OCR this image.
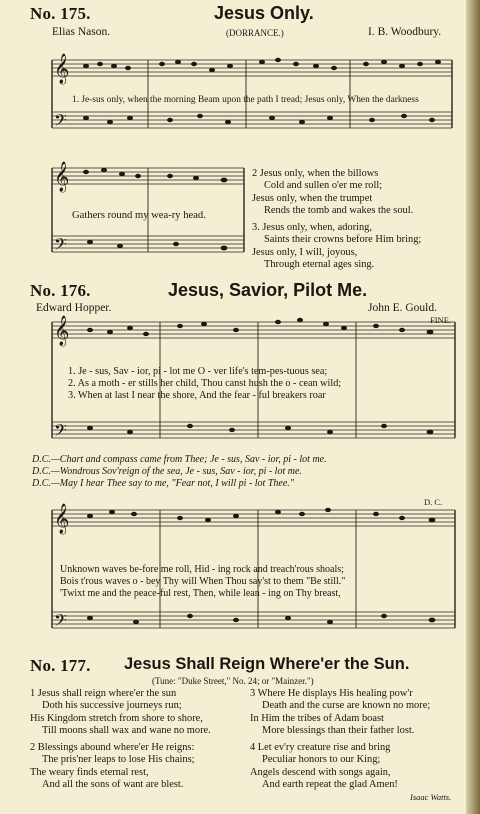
No. 175.	Jesus Only.
Elias Nason.	(DORRANCE.)	I. B. Woodbury.
𝄞
𝄢
𝄞
𝄢
𝄞
𝄢
𝄞
𝄢
1. Je-sus only, when the morning Beam upon the path I tread; Jesus only, When the darkness
Gathers round my wea-ry head.
2 Jesus only, when the billows
Cold and sullen o'er me roll;
Jesus only, when the trumpet
Rends the tomb and wakes the soul.
3. Jesus only, when, adoring,
Saints their crowns before Him bring;
Jesus only, I will, joyous,
Through eternal ages sing.
No. 176.	Jesus, Savior, Pilot Me.
Edward Hopper.	John E. Gould.
FINE.
1. Je - sus, Sav - ior, pi - lot me O - ver life's tem-pes-tuous sea;
2. As a moth - er stills her child, Thou canst hush the o - cean wild;
3. When at last I near the shore, And the fear - ful breakers roar
D.C.—Chart and compass came from Thee; Je - sus, Sav - ior, pi - lot me.
D.C.—Wondrous Sov'reign of the sea, Je - sus, Sav - ior, pi - lot me.
D.C.—May I hear Thee say to me, "Fear not, I will pi - lot Thee."
D. C.
Unknown waves be-fore me roll, Hid - ing rock and treach'rous shoals;
Bois t'rous waves o - bey Thy will When Thou say'st to them "Be still."
'Twixt me and the peace-ful rest, Then, while lean - ing on Thy breast,
No. 177. Jesus Shall Reign Where'er the Sun.
(Tune: "Duke Street," No. 24; or "Mainzer.")
1 Jesus shall reign where'er the sun
Doth his successive journeys run;
His Kingdom stretch from shore to shore,
Till moons shall wax and wane no more.
2 Blessings abound where'er He reigns:
The pris'ner leaps to lose His chains;
The weary finds eternal rest,
And all the sons of want are blest.
3 Where He displays His healing pow'r
Death and the curse are known no more;
In Him the tribes of Adam boast
More blessings than their father lost.
4 Let ev'ry creature rise and bring
Peculiar honors to our King;
Angels descend with songs again,
And earth repeat the glad Amen!
Isaac Watts.
